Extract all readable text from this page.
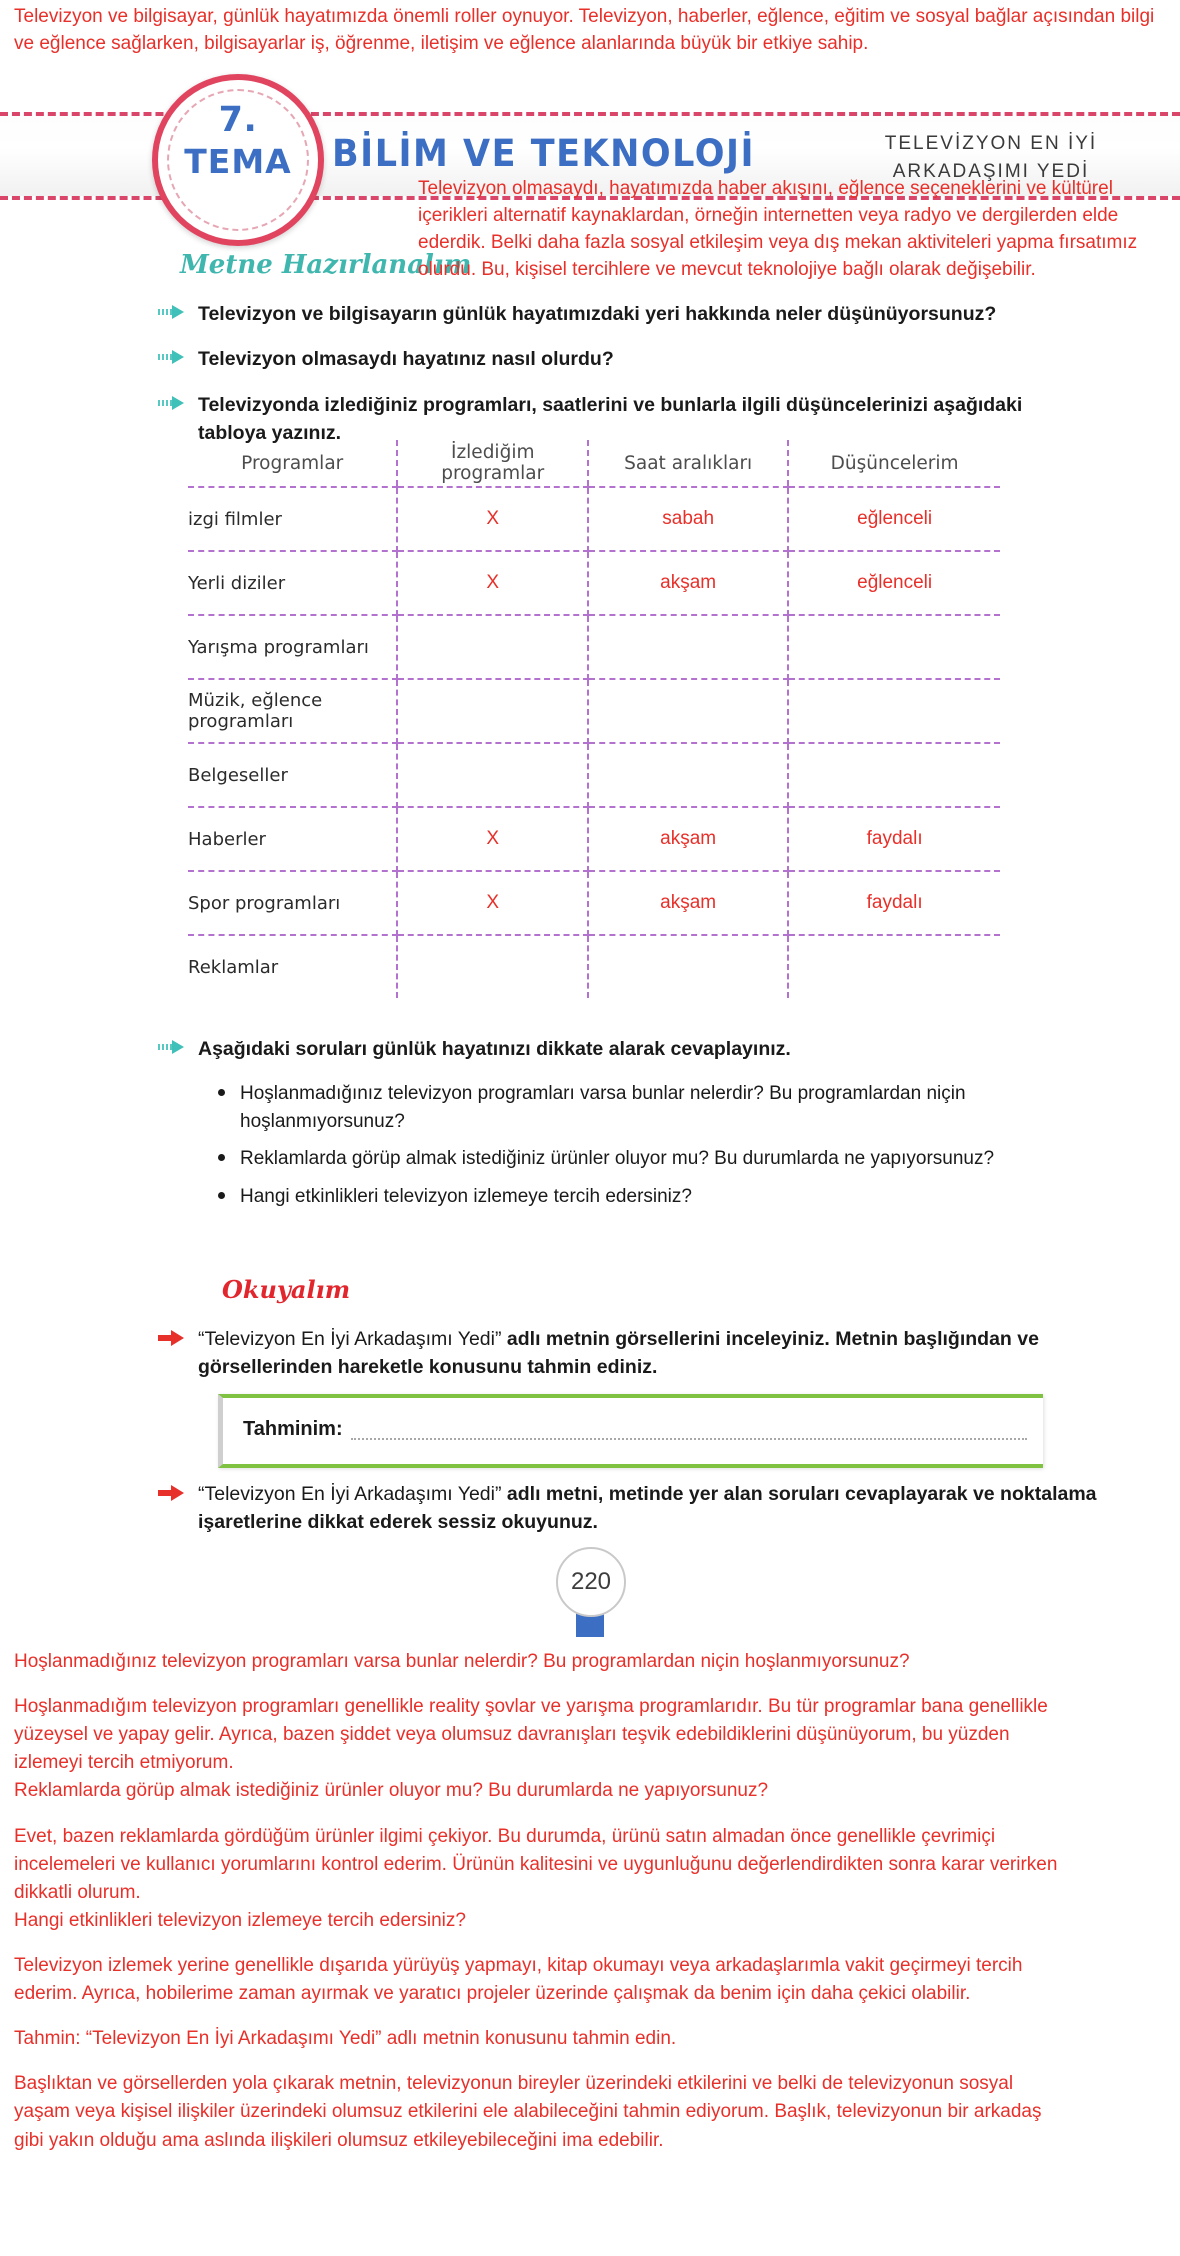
Televizyon ve bilgisayar, günlük hayatımızda önemli roller oynuyor. Televizyon, haberler, eğlence, eğitim ve sosyal bağlar açısından bilgi ve eğlence sağlarken, bilgisayarlar iş, öğrenme, iletişim ve eğlence alanlarında büyük bir etkiye sahip.
BİLİM VE TEKNOLOJİ	TELEVİZYON EN İYİ ARKADAŞIMI YEDİ
7.
TEMA
Metne Hazırlanalım
Televizyon olmasaydı, hayatımızda haber akışını, eğlence seçeneklerini ve kültürel içerikleri alternatif kaynaklardan, örneğin internetten veya radyo ve dergilerden elde ederdik. Belki daha fazla sosyal etkileşim veya dış mekan aktiviteleri yapma fırsatımız olurdu. Bu, kişisel tercihlere ve mevcut teknolojiye bağlı olarak değişebilir.
Televizyon ve bilgisayarın günlük hayatımızdaki yeri hakkında neler düşünüyorsunuz?
Televizyon olmasaydı hayatınız nasıl olurdu?
Televizyonda izlediğiniz programları, saatlerini ve bunlarla ilgili düşüncelerinizi aşağıdaki tabloya yazınız.
Programlar	İzlediğim programlar	Saat aralıkları	Düşüncelerim
izgi filmler	X	sabah	eğlenceli
Yerli diziler	X	akşam	eğlenceli
Yarışma programları			
Müzik, eğlence programları			
Belgeseller			
Haberler	X	akşam	faydalı
Spor programları	X	akşam	faydalı
Reklamlar			
Aşağıdaki soruları günlük hayatınızı dikkate alarak cevaplayınız.
Hoşlanmadığınız televizyon programları varsa bunlar nelerdir? Bu programlardan niçin hoşlanmıyorsunuz?
Reklamlarda görüp almak istediğiniz ürünler oluyor mu? Bu durumlarda ne yapıyorsunuz?
Hangi etkinlikleri televizyon izlemeye tercih edersiniz?
Okuyalım
“Televizyon En İyi Arkadaşımı Yedi” adlı metnin görsellerini inceleyiniz. Metnin başlığından ve görsellerinden hareketle konusunu tahmin ediniz.
Tahminim:
“Televizyon En İyi Arkadaşımı Yedi” adlı metni, metinde yer alan soruları cevaplayarak ve noktalama işaretlerine dikkat ederek sessiz okuyunuz.
220

Hoşlanmadığınız televizyon programları varsa bunlar nelerdir? Bu programlardan niçin hoşlanmıyorsunuz?

Hoşlanmadığım televizyon programları genellikle reality şovlar ve yarışma programlarıdır. Bu tür programlar bana genellikle yüzeysel ve yapay gelir. Ayrıca, bazen şiddet veya olumsuz davranışları teşvik edebildiklerini düşünüyorum, bu yüzden izlemeyi tercih etmiyorum.

Reklamlarda görüp almak istediğiniz ürünler oluyor mu? Bu durumlarda ne yapıyorsunuz?

Evet, bazen reklamlarda gördüğüm ürünler ilgimi çekiyor. Bu durumda, ürünü satın almadan önce genellikle çevrimiçi incelemeleri ve kullanıcı yorumlarını kontrol ederim. Ürünün kalitesini ve uygunluğunu değerlendirdikten sonra karar verirken dikkatli olurum.

Hangi etkinlikleri televizyon izlemeye tercih edersiniz?

Televizyon izlemek yerine genellikle dışarıda yürüyüş yapmayı, kitap okumayı veya arkadaşlarımla vakit geçirmeyi tercih ederim. Ayrıca, hobilerime zaman ayırmak ve yaratıcı projeler üzerinde çalışmak da benim için daha çekici olabilir.

Tahmin: “Televizyon En İyi Arkadaşımı Yedi” adlı metnin konusunu tahmin edin.

Başlıktan ve görsellerden yola çıkarak metnin, televizyonun bireyler üzerindeki etkilerini ve belki de televizyonun sosyal yaşam veya kişisel ilişkiler üzerindeki olumsuz etkilerini ele alabileceğini tahmin ediyorum. Başlık, televizyonun bir arkadaş gibi yakın olduğu ama aslında ilişkileri olumsuz etkileyebileceğini ima edebilir.
